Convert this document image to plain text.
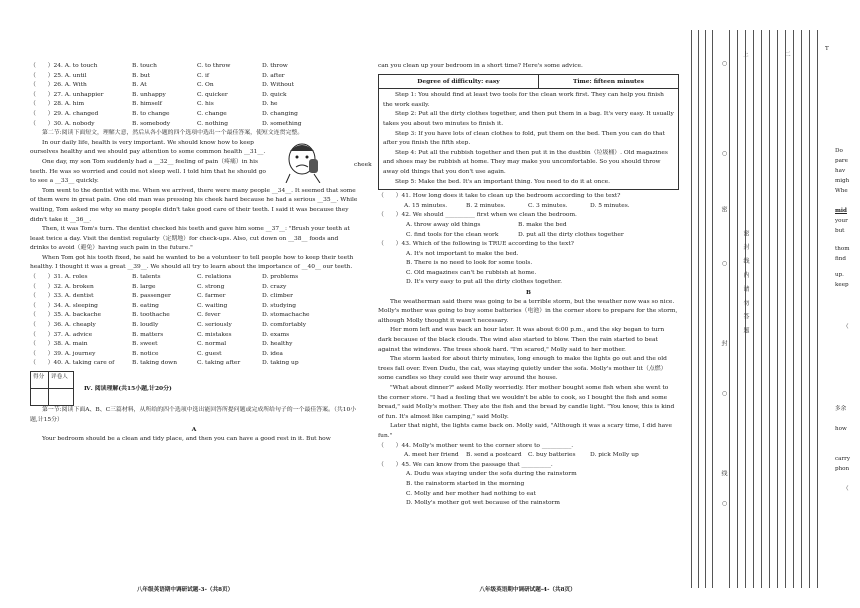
（　　）24. A. to touch	B. touch	C. to throw	D. throw
（　　）25. A. until	B. but	C. if	D. after
（　　）26. A. With	B. At	C. On	D. Without
（　　）27. A. unhappier	B. unhappy	C. quicker	D. quick
（　　）28. A. him	B. himself	C. his	D. he
（　　）29. A. changed	B. to change	C. change	D. changing
（　　）30. A. nobody	B. somebody	C. nothing	D. something

第二节:阅读下面短文，理解大意，然后从各小题的四个选项中选出一个最佳答案，使短文连贯完整。

In our daily life, health is very important. We should know how to keep ourselves healthy and we should pay attention to some common health __31__.

One day, my son Tom suddenly had a __32__ feeling of pain（疼痛）in his teeth. He was so worried and could not sleep well. I told him that he should go to see a __33__ quickly.

cheek

Tom went to the dentist with me. When we arrived, there were many people __34__. It seemed that some of them were in great pain. One old man was pressing his cheek hard because he had a serious __35__. While waiting, Tom asked me why so many people didn't take good care of their teeth. I said it was because they didn't take it __36__.

Then, it was Tom's turn. The dentist checked his teeth and gave him some __37__: "Brush your teeth at least twice a day. Visit the dentist regularly（定期地）for check-ups. Also, cut down on __38__ foods and drinks to avoid（避免）having such pain in the future."

When Tom got his tooth fixed, he said he wanted to be a volunteer to tell people how to keep their teeth healthy. I thought it was a great __39__. We should all try to learn about the importance of __40__ our teeth.

（　　）31. A. roles	B. talents	C. relations	D. problems
（　　）32. A. broken	B. large	C. strong	D. crazy
（　　）33. A. dentist	B. passenger	C. farmer	D. climber
（　　）34. A. sleeping	B. eating	C. waiting	D. studying
（　　）35. A. backache	B. toothache	C. fever	D. stomachache
（　　）36. A. cheaply	B. loudly	C. seriously	D. comfortably
（　　）37. A. advice	B. matters	C. mistakes	D. exams
（　　）38. A. main	B. sweet	C. normal	D. healthy
（　　）39. A. journey	B. notice	C. guest	D. idea
（　　）40. A. taking care of	B. taking down	C. taking after	D. taking up
得分	评卷人
Ⅳ. 阅读理解(共15小题,计20分)

第一节:阅读下面A、B、C三篇材料，从所给的四个选项中选出能回答所提问题或完成所给句子的一个最佳答案。（共10小题,计15分）

A

Your bedroom should be a clean and tidy place, and then you can have a good rest in it. But how

八年级英语期中调研试题-3-（共8页）

can you clean up your bedroom in a short time? Here's some advice.

Degree of difficulty: easy	Time: fifteen minutes

Step 1: You should find at least two tools for the clean work first. They can help you finish the work easily.

Step 2: Put all the dirty clothes together, and then put them in a bag. It's very easy. It usually takes you about two minutes to finish it.

Step 3: If you have lots of clean clothes to fold, put them on the bed. Then you can do that after you finish the fifth step.

Step 4: Put all the rubbish together and then put it in the dustbin（垃圾桶）. Old magazines and shoes may be rubbish at home. They may make you uncomfortable. So you should throw away old things that you don't use again.

Step 5: Make the bed. It's an important thing. You need to do it at once.

（　　）41. How long does it take to clean up the bedroom according to the text?

A. 15 minutes.	B. 2 minutes.	C. 3 minutes.	D. 5 minutes.

（　　）42. We should __________ first when we clean the bedroom.

A. throw away old things	B. make the bed
C. find tools for the clean work	D. put all the dirty clothes together

（　　）43. Which of the following is TRUE according to the text?

A. It's not important to make the bed.

B. There is no need to look for some tools.

C. Old magazines can't be rubbish at home.

D. It's very easy to put all the dirty clothes together.

B

The weatherman said there was going to be a terrible storm, but the weather now was so nice. Molly's mother was going to buy some batteries（电池）in the corner store to prepare for the storm, although Molly thought it wasn't necessary.

Her mom left and was back an hour later. It was about 6:00 p.m., and the sky began to turn dark because of the black clouds. The wind also started to blow. Then the rain started to beat against the windows. The trees shook hard. "I'm scared," Molly said to her mother.

The storm lasted for about thirty minutes, long enough to make the lights go out and the old trees fall over. Even Dudu, the cat, was staying quietly under the sofa. Molly's mother lit（点燃）some candles so they could see their way around the house.

"What about dinner?" asked Molly worriedly. Her mother bought some fish when she went to the corner store. "I had a feeling that we wouldn't be able to cook, so I bought the fish and some bread," said Molly's mother. They ate the fish and the bread by candle light. "You know, this is kind of fun. It's almost like camping," said Molly.

Later that night, the lights came back on. Molly said, "Although it was a scary time, I did have fun."

（　　）44. Molly's mother went to the corner store to __________.

A. meet her friend	B. send a postcard	C. buy batteries	D. pick Molly up

（　　）45. We can know from the passage that __________.

A. Dudu was staying under the sofa during the rainstorm

B. the rainstorm started in the morning

C. Molly and her mother had nothing to eat

D. Molly's mother got wet because of the rainstorm

八年级英语期中调研试题-4-（共8页）
○
○
○
○
○
密
封
线
密 封 线 内 请 勿 答 题
T
二
上
Do
pare
hav
migh
Whe
mid
your
but
thom
find
up.
keep
（
多余
how
carry
phon
（
